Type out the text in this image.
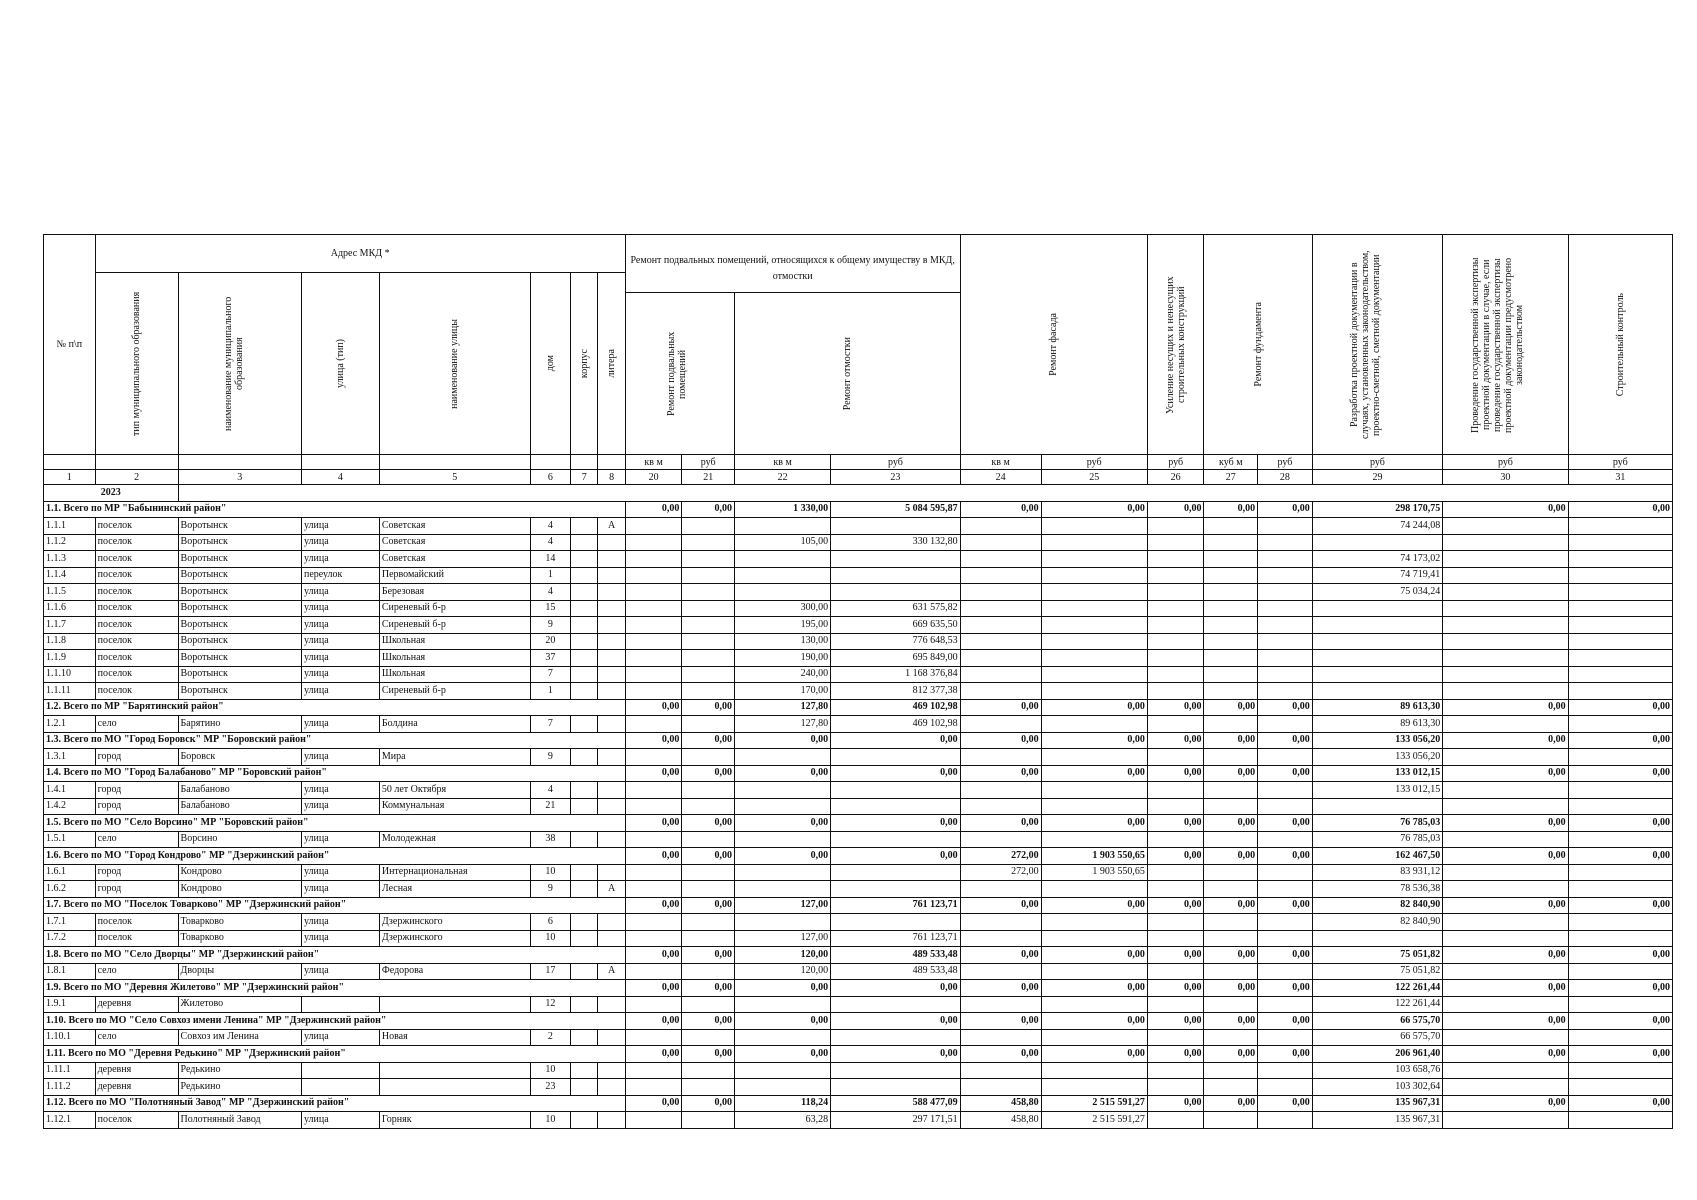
№ п\п	Адрес МКД *							Ремонт подвальных помещений, относящихся к общему имуществу в МКД, отмостки				Ремонт фасада		Усиление несущих и ненесущих строительных конструкций	Ремонт фундамента		Разработка проектной документации в случаях, установленных законодательством, проектно-сметной, сметной документации	Проведение государственной экспертизы проектной документации в случае, если проведение государственной экспертизы проектной документации предусмотрено законодательством	Строительный контроль

	тип муниципального образования	наименование муниципального образования	улица (тип)	наименование улицы	дом	корпус	литера												

								Ремонт подвальных помещений		Ремонт отмостки									

								кв м	руб	кв м	руб	кв м	руб	руб	куб м	руб	руб	руб	руб
1	2	3	4	5	6	7	8	20	21	22	23	24	25	26	27	28	29	30	31
2023																			
1.1. Всего по МР "Бабынинский район"								0,00	0,00	1 330,00	5 084 595,87	0,00	0,00	0,00	0,00	0,00	298 170,75	0,00	0,00
1.1.1	поселок	Воротынск	улица	Советская	4		А										74 244,08		
1.1.2	поселок	Воротынск	улица	Советская	4					105,00	330 132,80								
1.1.3	поселок	Воротынск	улица	Советская	14												74 173,02		
1.1.4	поселок	Воротынск	переулок	Первомайский	1												74 719,41		
1.1.5	поселок	Воротынск	улица	Березовая	4												75 034,24		
1.1.6	поселок	Воротынск	улица	Сиреневый б-р	15					300,00	631 575,82								
1.1.7	поселок	Воротынск	улица	Сиреневый б-р	9					195,00	669 635,50								
1.1.8	поселок	Воротынск	улица	Школьная	20					130,00	776 648,53								
1.1.9	поселок	Воротынск	улица	Школьная	37					190,00	695 849,00								
1.1.10	поселок	Воротынск	улица	Школьная	7					240,00	1 168 376,84								
1.1.11	поселок	Воротынск	улица	Сиреневый б-р	1					170,00	812 377,38								
1.2. Всего по МР "Барятинский район"								0,00	0,00	127,80	469 102,98	0,00	0,00	0,00	0,00	0,00	89 613,30	0,00	0,00
1.2.1	село	Барятино	улица	Болдина	7					127,80	469 102,98						89 613,30		
1.3. Всего по МО "Город Боровск" МР "Боровский район"								0,00	0,00	0,00	0,00	0,00	0,00	0,00	0,00	0,00	133 056,20	0,00	0,00
1.3.1	город	Боровск	улица	Мира	9												133 056,20		
1.4. Всего по МО "Город Балабаново" МР "Боровский район"								0,00	0,00	0,00	0,00	0,00	0,00	0,00	0,00	0,00	133 012,15	0,00	0,00
1.4.1	город	Балабаново	улица	50 лет Октября	4												133 012,15		
1.4.2	город	Балабаново	улица	Коммунальная	21														
1.5. Всего по МО "Село Ворсино" МР "Боровский район"								0,00	0,00	0,00	0,00	0,00	0,00	0,00	0,00	0,00	76 785,03	0,00	0,00
1.5.1	село	Ворсино	улица	Молодежная	38												76 785,03		
1.6. Всего по МО "Город Кондрово" МР "Дзержинский район"								0,00	0,00	0,00	0,00	272,00	1 903 550,65	0,00	0,00	0,00	162 467,50	0,00	0,00
1.6.1	город	Кондрово	улица	Интернациональная	10							272,00	1 903 550,65				83 931,12		
1.6.2	город	Кондрово	улица	Лесная	9		А										78 536,38		
1.7. Всего по МО "Поселок Товарково" МР "Дзержинский район"								0,00	0,00	127,00	761 123,71	0,00	0,00	0,00	0,00	0,00	82 840,90	0,00	0,00
1.7.1	поселок	Товарково	улица	Дзержинского	6												82 840,90		
1.7.2	поселок	Товарково	улица	Дзержинского	10					127,00	761 123,71								
1.8. Всего по МО "Село Дворцы" МР "Дзержинский район"								0,00	0,00	120,00	489 533,48	0,00	0,00	0,00	0,00	0,00	75 051,82	0,00	0,00
1.8.1	село	Дворцы	улица	Федорова	17		А			120,00	489 533,48						75 051,82		
1.9. Всего по МО "Деревня Жилетово" МР "Дзержинский район"								0,00	0,00	0,00	0,00	0,00	0,00	0,00	0,00	0,00	122 261,44	0,00	0,00
1.9.1	деревня	Жилетово			12												122 261,44		
1.10. Всего по МО "Село Совхоз имени Ленина" МР "Дзержинский район"								0,00	0,00	0,00	0,00	0,00	0,00	0,00	0,00	0,00	66 575,70	0,00	0,00
1.10.1	село	Совхоз им Ленина	улица	Новая	2												66 575,70		
1.11. Всего по МО "Деревня Редькино" МР "Дзержинский район"								0,00	0,00	0,00	0,00	0,00	0,00	0,00	0,00	0,00	206 961,40	0,00	0,00
1.11.1	деревня	Редькино			10												103 658,76		
1.11.2	деревня	Редькино			23												103 302,64		
1.12. Всего по МО "Полотняный Завод" МР "Дзержинский район"								0,00	0,00	118,24	588 477,09	458,80	2 515 591,27	0,00	0,00	0,00	135 967,31	0,00	0,00
1.12.1	поселок	Полотняный Завод	улица	Горняк	10					63,28	297 171,51	458,80	2 515 591,27				135 967,31		
